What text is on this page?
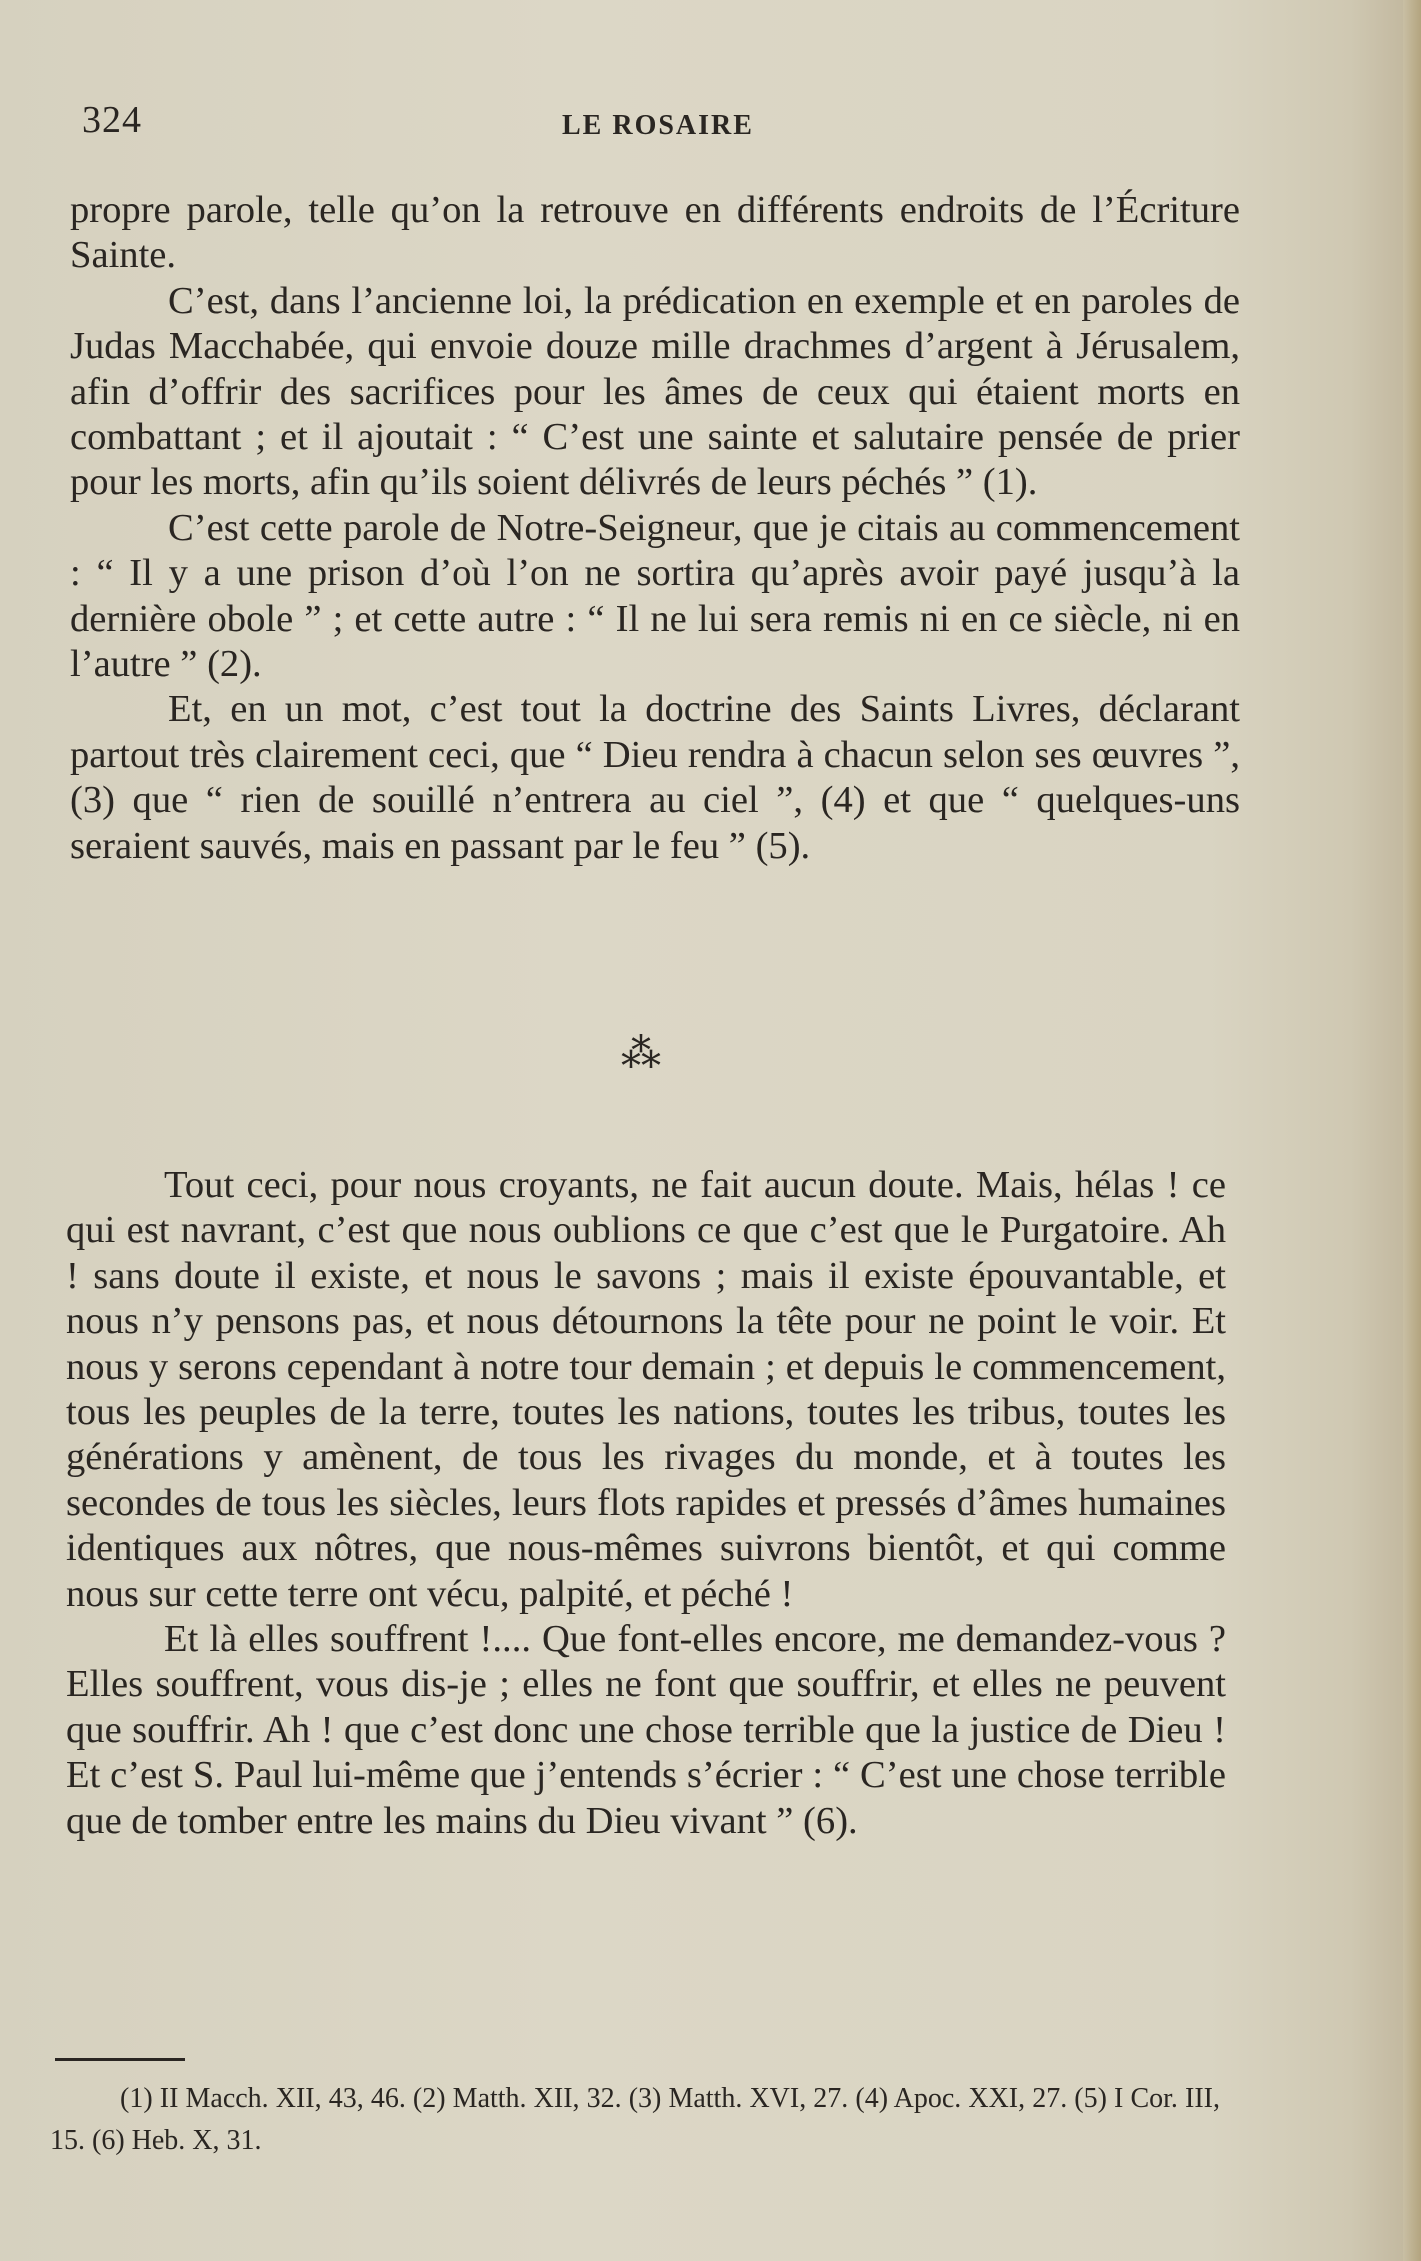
324	LE ROSAIRE

propre parole, telle qu’on la retrouve en différents endroits de l’Écriture Sainte.

C’est, dans l’ancienne loi, la prédication en exemple et en paroles de Judas Macchabée, qui envoie douze mille drachmes d’argent à Jérusalem, afin d’offrir des sacrifices pour les âmes de ceux qui étaient morts en combattant ; et il ajoutait : “ C’est une sainte et salutaire pensée de prier pour les morts, afin qu’ils soient délivrés de leurs péchés ” (1).

C’est cette parole de Notre-Seigneur, que je citais au commencement : “ Il y a une prison d’où l’on ne sortira qu’après avoir payé jusqu’à la dernière obole ” ; et cette autre : “ Il ne lui sera remis ni en ce siècle, ni en l’autre ” (2).

Et, en un mot, c’est tout la doctrine des Saints Livres, déclarant partout très clairement ceci, que “ Dieu rendra à chacun selon ses œuvres ”, (3) que “ rien de souillé n’entrera au ciel ”, (4) et que “ quelques-uns seraient sauvés, mais en passant par le feu ” (5).

⁂

Tout ceci, pour nous croyants, ne fait aucun doute. Mais, hélas ! ce qui est navrant, c’est que nous oublions ce que c’est que le Purgatoire. Ah ! sans doute il existe, et nous le savons ; mais il existe épouvantable, et nous n’y pensons pas, et nous détournons la tête pour ne point le voir. Et nous y serons cependant à notre tour demain ; et depuis le commencement, tous les peuples de la terre, toutes les nations, toutes les tribus, toutes les générations y amènent, de tous les rivages du monde, et à toutes les secondes de tous les siècles, leurs flots rapides et pressés d’âmes humaines identiques aux nôtres, que nous-mêmes suivrons bientôt, et qui comme nous sur cette terre ont vécu, palpité, et péché !

Et là elles souffrent !.... Que font-elles encore, me demandez-vous ? Elles souffrent, vous dis-je ; elles ne font que souffrir, et elles ne peuvent que souffrir. Ah ! que c’est donc une chose terrible que la justice de Dieu ! Et c’est S. Paul lui-même que j’entends s’écrier : “ C’est une chose terrible que de tomber entre les mains du Dieu vivant ” (6).

(1) II Macch. XII, 43, 46. (2) Matth. XII, 32. (3) Matth. XVI, 27. (4) Apoc. XXI, 27. (5) I Cor. III, 15. (6) Heb. X, 31.
